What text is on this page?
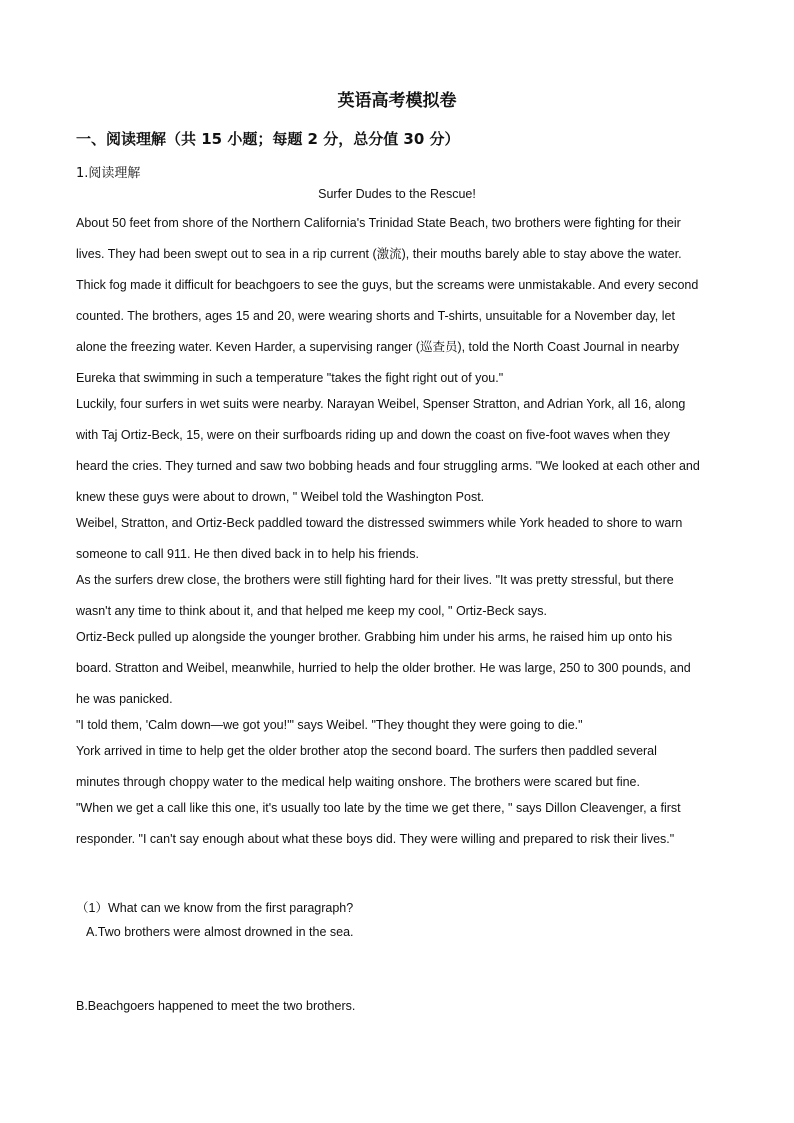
英语高考模拟卷
一、阅读理解（共 15 小题；每题 2 分，总分值 30 分）
1.阅读理解
Surfer Dudes to the Rescue!
About 50 feet from shore of the Northern California's Trinidad State Beach, two brothers were fighting for their
lives. They had been swept out to sea in a rip current (激流), their mouths barely able to stay above the water.
Thick fog made it difficult for beachgoers to see the guys, but the screams were unmistakable. And every second
counted. The brothers, ages 15 and 20, were wearing shorts and T-shirts, unsuitable for a November day, let
alone the freezing water. Keven Harder, a supervising ranger (巡查员), told the North Coast Journal in nearby
Eureka that swimming in such a temperature "takes the fight right out of you."
Luckily, four surfers in wet suits were nearby. Narayan Weibel, Spenser Stratton, and Adrian York, all 16, along
with Taj Ortiz-Beck, 15, were on their surfboards riding up and down the coast on five-foot waves when they
heard the cries. They turned and saw two bobbing heads and four struggling arms. "We looked at each other and
knew these guys were about to drown, " Weibel told the Washington Post.
Weibel, Stratton, and Ortiz-Beck paddled toward the distressed swimmers while York headed to shore to warn
someone to call 911. He then dived back in to help his friends.
As the surfers drew close, the brothers were still fighting hard for their lives. "It was pretty stressful, but there
wasn't any time to think about it, and that helped me keep my cool, " Ortiz-Beck says.
Ortiz-Beck pulled up alongside the younger brother. Grabbing him under his arms, he raised him up onto his
board. Stratton and Weibel, meanwhile, hurried to help the older brother. He was large, 250 to 300 pounds, and
he was panicked.
"I told them, 'Calm down—we got you!'" says Weibel. "They thought they were going to die."
York arrived in time to help get the older brother atop the second board. The surfers then paddled several
minutes through choppy water to the medical help waiting onshore. The brothers were scared but fine.
"When we get a call like this one, it's usually too late by the time we get there, " says Dillon Cleavenger, a first
responder. "I can't say enough about what these boys did. They were willing and prepared to risk their lives."
（1）What can we know from the first paragraph?
A.Two brothers were almost drowned in the sea.
B.Beachgoers happened to meet the two brothers.
